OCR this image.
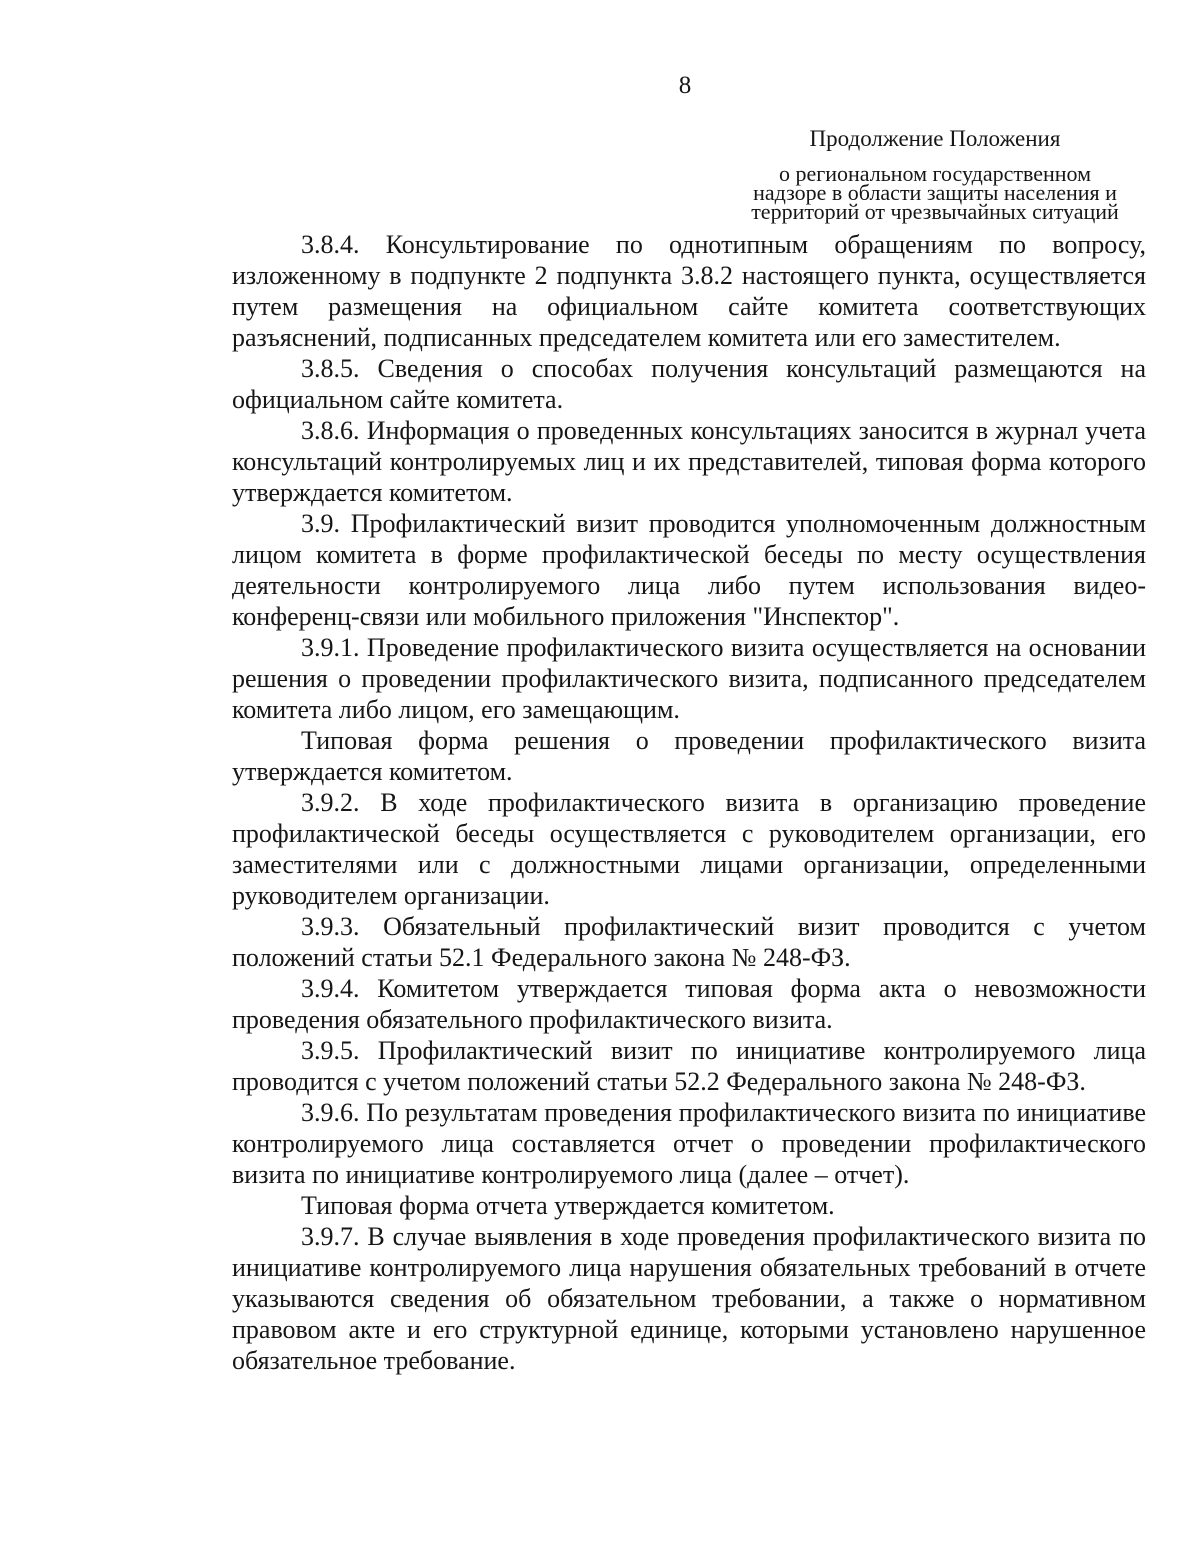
8
Продолжение Положения
о региональном государственном
надзоре в области защиты населения и
территорий от чрезвычайных ситуаций

3.8.4. Консультирование по однотипным обращениям по вопросу, изложенному в подпункте 2 подпункта 3.8.2 настоящего пункта, осуществляется путем размещения на официальном сайте комитета соответствующих разъяснений, подписанных председателем комитета или его заместителем.

3.8.5. Сведения о способах получения консультаций размещаются на официальном сайте комитета.

3.8.6. Информация о проведенных консультациях заносится в журнал учета консультаций контролируемых лиц и их представителей, типовая форма которого утверждается комитетом.

3.9. Профилактический визит проводится уполномоченным должностным лицом комитета в форме профилактической беседы по месту осуществления деятельности контролируемого лица либо путем использования видео-конференц-связи или мобильного приложения "Инспектор".

3.9.1. Проведение профилактического визита осуществляется на основании решения о проведении профилактического визита, подписанного председателем комитета либо лицом, его замещающим.

Типовая форма решения о проведении профилактического визита утверждается комитетом.

3.9.2. В ходе профилактического визита в организацию проведение профилактической беседы осуществляется с руководителем организации, его заместителями или с должностными лицами организации, определенными руководителем организации.

3.9.3. Обязательный профилактический визит проводится с учетом положений статьи 52.1 Федерального закона № 248-ФЗ.

3.9.4. Комитетом утверждается типовая форма акта о невозможности проведения обязательного профилактического визита.

3.9.5. Профилактический визит по инициативе контролируемого лица проводится с учетом положений статьи 52.2 Федерального закона № 248-ФЗ.

3.9.6. По результатам проведения профилактического визита по инициативе контролируемого лица составляется отчет о проведении профилактического визита по инициативе контролируемого лица (далее – отчет).

Типовая форма отчета утверждается комитетом.

3.9.7. В случае выявления в ходе проведения профилактического визита по инициативе контролируемого лица нарушения обязательных требований в отчете указываются сведения об обязательном требовании, а также о нормативном правовом акте и его структурной единице, которыми установлено нарушенное обязательное требование.
